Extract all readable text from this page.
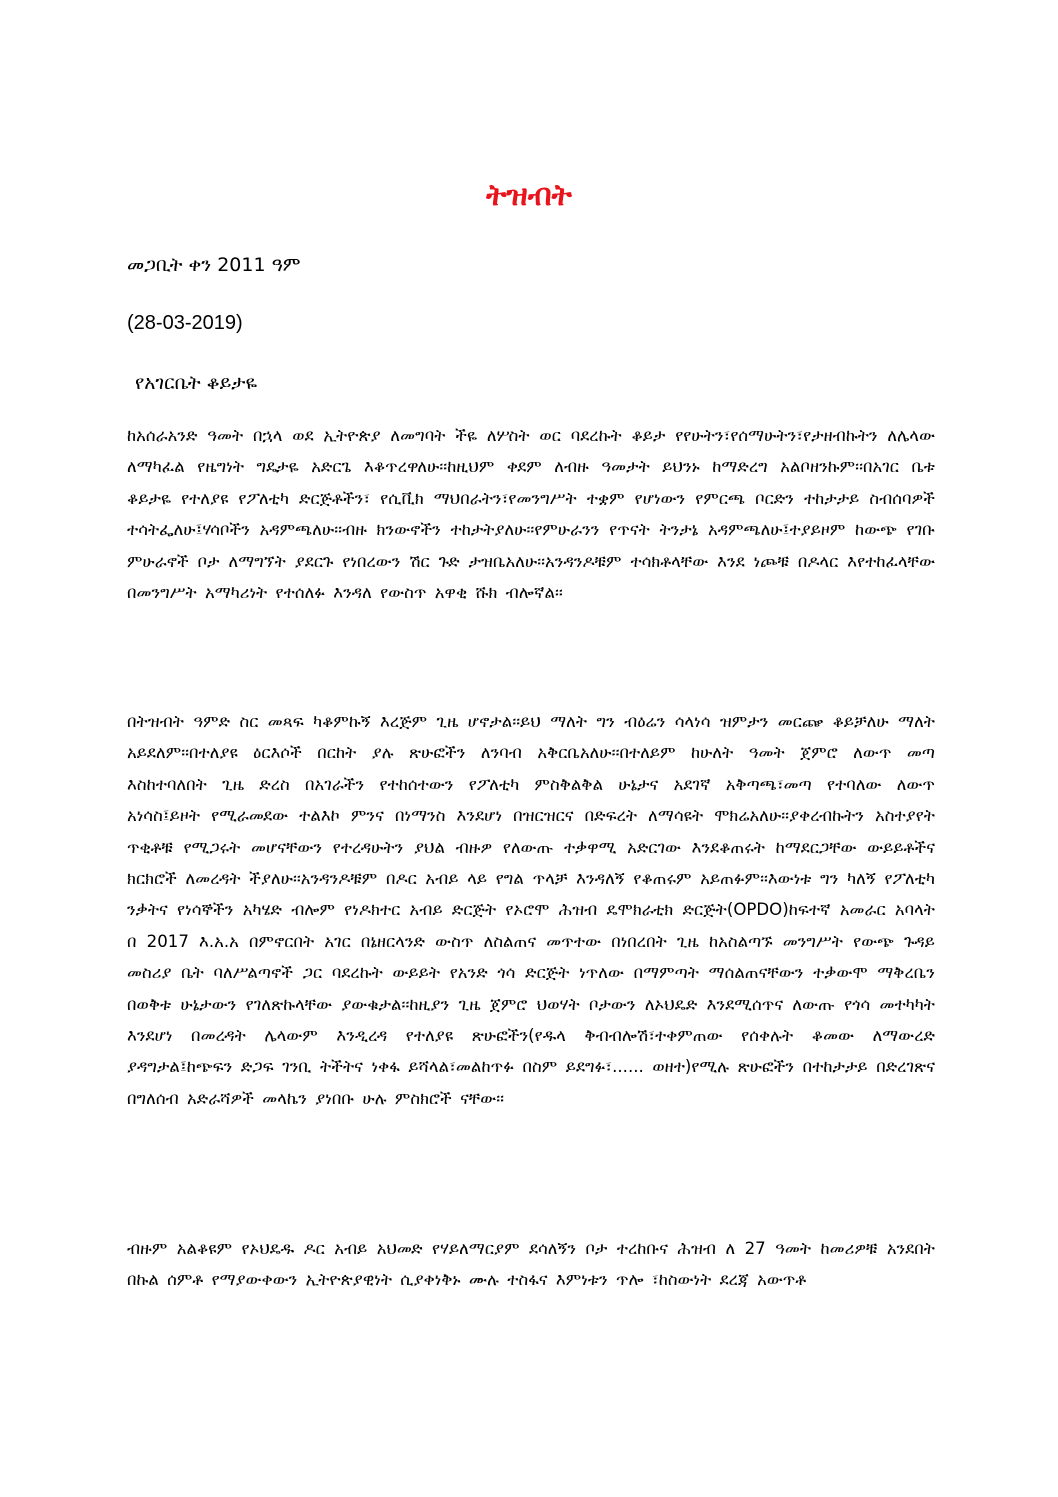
ትዝብት
መጋቢት ቀን 2011 ዓም
(28-03-2019)
የአገርቤት ቆይታዬ

ከአሰራአንድ ዓመት በኋላ ወደ ኢትዮጵያ ለመግባት ችዬ ለሦስት ወር ባደረኩት ቆይታ የየሁትን፣የሰማሁትን፣የታዘብኩትን ለሌላው ለማካፈል የዜግነት ግዴታዬ አድርጌ እቆጥረዋለሁ፡፡ከዚህም ቀደም ለብዙ ዓመታት ይህንኑ ከማድረግ አልቦዘንኩም፡፡በአገር ቤቱ ቆይታዬ የተለያዩ የፖለቲካ ድርጅቶችን፣ የሲቪክ ማህበራትን፣የመንግሥት ተቋም የሆነውን የምርጫ ቦርድን ተከታታይ ስብሰባዎች ተሳትፌለሁ፤ሃሳቦችን አዳምጫለሁ፡፡ብዙ ክንውኖችን ተከታትያለሁ፡፡የምሁራንን የጥናት ትንታኔ አዳምጫለሁ፤ተያይዞም ከውጭ የገቡ ምሁራኖች ቦታ ለማግኘት ያደርጉ የነበረውን ሽር ጉድ ታዝቤአለሁ፡፡አንዳንዶቹም ተሳክቶላቸው እንደ ነጮቹ በዶላር እየተከፈላቸው በመንግሥት አማካሪነት የተሰለፉ እንዳለ የውስጥ አዋቂ ሹክ ብሎኛል፡፡

በትዝብት ዓምድ ስር መጻፍ ካቆምኩኝ እረጅም ጊዜ ሆኖታል፡፡ይህ ማለት ግን ብዕሬን ሳላነሳ ዝምታን መርጬ ቆይቻለሁ ማለት አይደለም፡፡በተለያዩ ዕርእሶች በርከት ያሉ ጽሁፎችን ለንባብ አቅርቤአለሁ፡፡በተለይም ከሁለት ዓመት ጀምሮ ለውጥ መጣ እስከተባለበት ጊዜ ድረስ በአገራችን የተከሰተውን የፖለቲካ ምስቅልቅል ሁኔታና አደገኛ አቅጣጫ፣መጣ የተባለው ለውጥ አነሳስ፤ይዞት የሚራመደው ተልእኮ ምንና በነማንስ እንደሆነ በዝርዝርና በድፍረት ለማሳዩት ሞክሬአለሁ፡፡ያቀረብኩትን አስተያየት ጥቂቶቹ የሚጋሩት መሆናቸውን የተረዳሁትን ያህል ብዙዎ የለውጡ ተቃዋሚ አድርገው እንደቆጠሩት ከማደርጋቸው ውይይቶችና ክርክሮች ለመረዳት ችያለሁ፡፡አንዳንዶቹም በዶር አብይ ላይ የግል ጥላቻ እንዳለኝ የቆጠሩም አይጠፉም፡፡እውነቱ ግን ካለኝ የፖለቲካ ንቃትና የነሳኞችን አካሄድ ብሎም የነዶክተር አብይ ድርጅት የኦሮሞ ሕዝብ ዴሞክራቲክ ድርጅት(OPDO)ከፍተኛ አመራር አባላት በ 2017 እ.አ.አ በምኖርበት አገር በኔዘርላንድ ውስጥ ለስልጠና መጥተው በነበረበት ጊዜ ከአስልጣኙ መንግሥት የውጭ ጉዳይ መስሪያ ቤት ባለሥልጣኖች ጋር ባደረኩት ውይይት የአንድ ጎሳ ድርጅት ነጥለው በማምጣት ማሰልጠናቸውን ተቃውሞ ማቅረቤን በወቅቱ ሁኔታውን የገለጽኩላቸው ያውቁታል፡፡ከዚያን ጊዜ ጀምሮ ህወሃት ቦታውን ለኦህዴድ እንደሚሰጥና ለውጡ የጎሳ መተካካት እንደሆነ በመረዳት ሌላውም እንዲረዳ የተለያዩ ጽሁፎችን(የዱላ ቅብብሎሽ፣ተቀምጠው የሰቀሉት ቆመው ለማውረድ ያዳግታል፤ከጭፍን ድጋፍ ገንቢ ትችትና ነቀፋ ይሻላል፣መልከጥፉ በስም ይደግፉ፣...... ወዘተ)የሚሉ ጽሁፎችን በተከታታይ በድረገጽና በግለሰብ አድራሻዎች መላኬን ያነበቡ ሁሉ ምስክሮች ናቸው፡፡

ብዙም አልቆዩም የኦህዴዱ ዶር አብይ አህመድ የሃይለማርያም ደሳለኝን ቦታ ተረከቡና ሕዝብ ለ 27 ዓመት ከመሪዎቹ አንደበት በኩል ሰምቶ የማያውቀውን ኢትዮጵያዊነት ሲያቀነቅኑ ሙሉ ተስፋና እምነቱን ጥሎ ፣ከስውነት ደረጃ አውጥቶ
